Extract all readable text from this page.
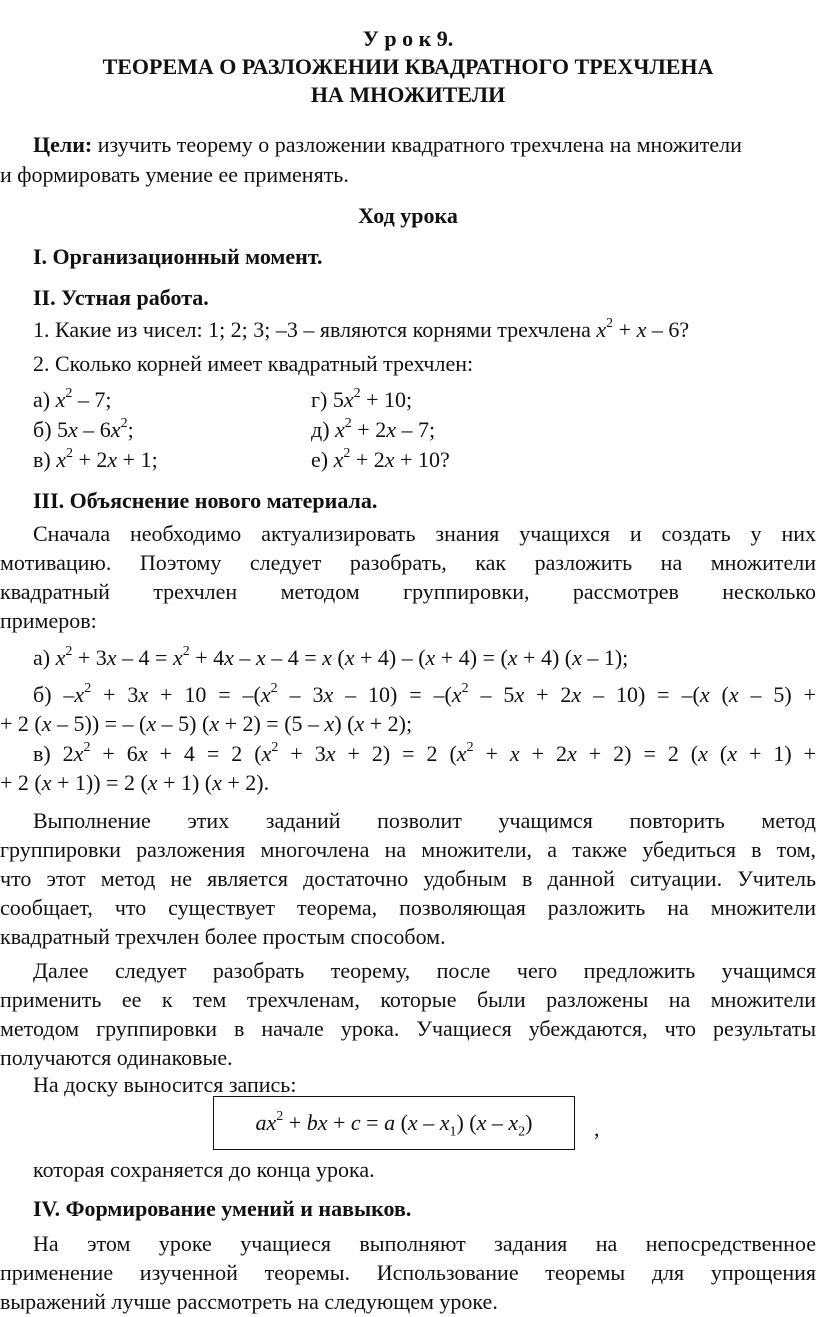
У р о к 9.
ТЕОРЕМА О РАЗЛОЖЕНИИ КВАДРАТНОГО ТРЕХЧЛЕНА
НА МНОЖИТЕЛИ
Цели: изучить теорему о разложении квадратного трехчлена на множители
и формировать умение ее применять.
Ход урока
I. Организационный момент.
II. Устная работа.
1. Какие из чисел: 1; 2; 3; –3 – являются корнями трехчлена $x^2 + x - 6$?
2. Сколько корней имеет квадратный трехчлен:
а) $x^2 - 7$;
б) $5x - 6x^2$;
в) $x^2 + 2x + 1$;
г) $5x^2 + 10$;
д) $x^2 + 2x - 7$;
е) $x^2 + 2x + 10$?
III. Объяснение нового материала.
Сначала необходимо актуализировать знания учащихся и создать у них
мотивацию. Поэтому следует разобрать, как разложить на множители
квадратный трехчлен методом группировки, рассмотрев несколько
примеров:
а) $x^2 + 3x - 4 = x^2 + 4x - x - 4 = x$ (x + 4) – (x + 4) = (x + 4) (x – 1);
б) $-x^2 + 3x + 10 = -(x^2 - 3x - 10) = -(x^2 - 5x + 2x - 10) = -(x$ (x – 5) +
+ 2 (x – 5)) = – (x – 5) (x + 2) = (5 – x) (x + 2);
в) $2x^2 + 6x + 4 = 2$ $(x^2 + 3x + 2) = 2$ $(x^2 + x + 2x + 2) = 2$ (x (x + 1) +
+ 2 (x + 1)) = 2 (x + 1) (x + 2).
Выполнение этих заданий позволит учащимся повторить метод
группировки разложения многочлена на множители, а также убедиться в том,
что этот метод не является достаточно удобным в данной ситуации. Учитель
сообщает, что существует теорема, позволяющая разложить на множители
квадратный трехчлен более простым способом.
Далее следует разобрать теорему, после чего предложить учащимся
применить ее к тем трехчленам, которые были разложены на множители
методом группировки в начале урока. Учащиеся убеждаются, что результаты
получаются одинаковые.
На доску выносится запись:
$ax^2$ + bx + c = a $(x - x_1)$ $(x - x_2)$	,
которая сохраняется до конца урока.
IV. Формирование умений и навыков.
На этом уроке учащиеся выполняют задания на непосредственное
применение изученной теоремы. Использование теоремы для упрощения
выражений лучше рассмотреть на следующем уроке.
